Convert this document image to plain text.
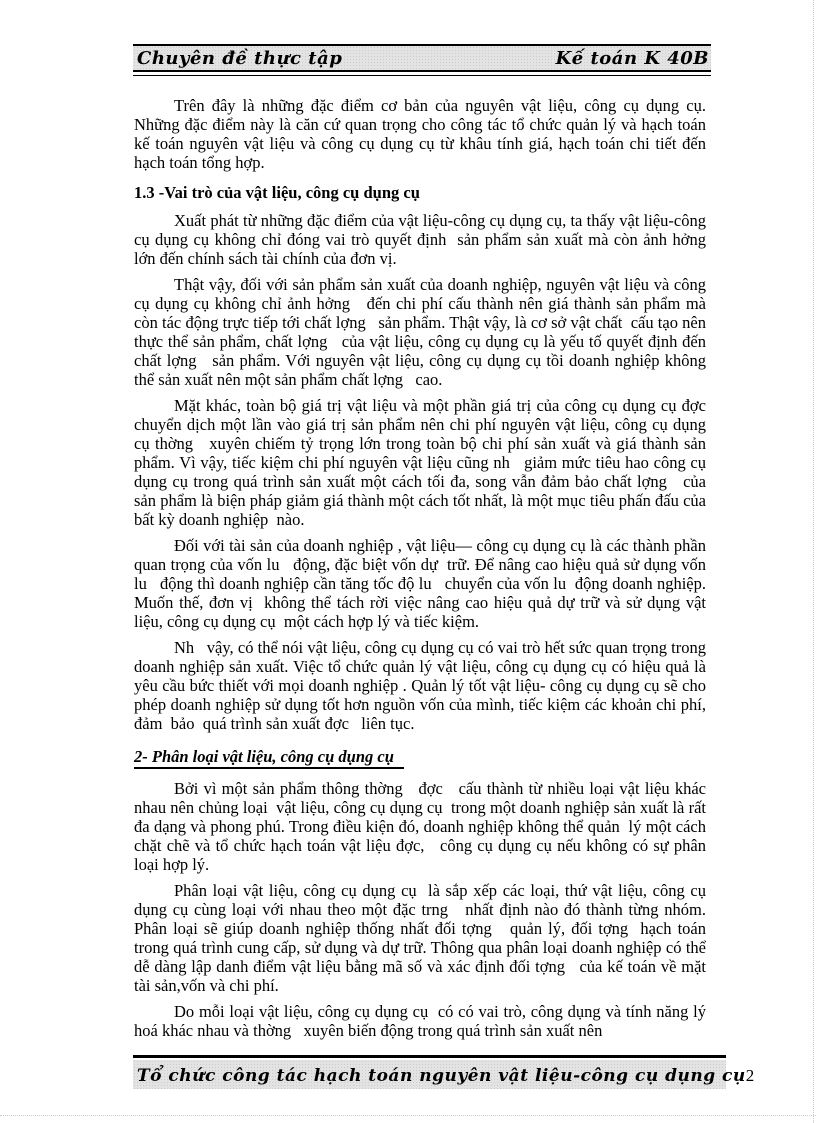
Chuyên đề thực tập	Kế toán K 40B
Trên đây là những đặc điểm cơ bản của nguyên vật liệu, công cụ dụng cụ. Những đặc điểm này là căn cứ quan trọng cho công tác tổ chức quản lý và hạch toán kế toán nguyên vật liệu và công cụ dụng cụ từ khâu tính giá, hạch toán chi tiết đến hạch toán tổng hợp.
1.3 -Vai trò của vật liệu, công cụ dụng cụ
Xuất phát từ những đặc điểm của vật liệu-công cụ dụng cụ, ta thấy vật liệu-công cụ dụng cụ không chỉ đóng vai trò quyết định  sản phẩm sản xuất mà còn ảnh hởng   lớn đến chính sách tài chính của đơn vị.
Thật vậy, đối với sản phẩm sản xuất của doanh nghiệp, nguyên vật liệu và công cụ dụng cụ không chỉ ảnh hởng   đến chi phí cấu thành nên giá thành sản phẩm mà còn tác động trực tiếp tới chất lợng   sản phẩm. Thật vậy, là cơ sở vật chất  cấu tạo nên thực thể sản phẩm, chất lợng   của vật liệu, công cụ dụng cụ là yếu tố quyết định đến chất lợng   sản phẩm. Với nguyên vật liệu, công cụ dụng cụ tồi doanh nghiệp không thể sản xuất nên một sản phẩm chất lợng   cao.
Mặt khác, toàn bộ giá trị vật liệu và một phần giá trị của công cụ dụng cụ đợc   chuyển dịch một lần vào giá trị sản phẩm nên chi phí nguyên vật liệu, công cụ dụng cụ thờng   xuyên chiếm tỷ trọng lớn trong toàn bộ chi phí sản xuất và giá thành sản phẩm. Vì vậy, tiếc kiệm chi phí nguyên vật liệu cũng nh   giảm mức tiêu hao công cụ dụng cụ trong quá trình sản xuất một cách tối đa, song vẫn đảm bảo chất lợng   của sản phẩm là biện pháp giảm giá thành một cách tốt nhất, là một mục tiêu phấn đấu của bất kỳ doanh nghiệp  nào.
Đối với tài sản của doanh nghiệp , vật liệu— công cụ dụng cụ là các thành phần quan trọng của vốn lu   động, đặc biệt vốn dự  trữ. Để nâng cao hiệu quả sử dụng vốn  lu   động thì doanh nghiệp cần tăng tốc độ lu   chuyển của vốn lu  động doanh nghiệp. Muốn thế, đơn vị  không thể tách rời việc nâng cao hiệu quả dự trữ và sử dụng vật liệu, công cụ dụng cụ  một cách hợp lý và tiếc kiệm.
Nh   vậy, có thể nói vật liệu, công cụ dụng cụ có vai trò hết sức quan trọng trong doanh nghiệp sản xuất. Việc tổ chức quản lý vật liệu, công cụ dụng cụ có hiệu quả là yêu cầu bức thiết với mọi doanh nghiệp . Quản lý tốt vật liệu- công cụ dụng cụ sẽ cho phép doanh nghiệp sử dụng tốt hơn nguồn vốn của mình, tiếc kiệm các khoản chi phí, đảm  bảo  quá trình sản xuất đợc   liên tục.
2- Phân loại vật liệu, công cụ dụng cụ
Bởi vì một sản phẩm thông thờng   đợc   cấu thành từ nhiều loại vật liệu khác nhau nên chủng loại  vật liệu, công cụ dụng cụ  trong một doanh nghiệp sản xuất là rất đa dạng và phong phú. Trong điều kiện đó, doanh nghiệp không thể quản  lý một cách chặt chẽ và tổ chức hạch toán vật liệu đợc,   công cụ dụng cụ nếu không có sự phân loại hợp lý.
Phân loại vật liệu, công cụ dụng cụ  là sắp xếp các loại, thứ vật liệu, công cụ dụng cụ cùng loại với nhau theo một đặc trng   nhất định nào đó thành từng nhóm. Phân loại sẽ giúp doanh nghiệp thống nhất đối tợng   quản lý, đối tợng  hạch toán  trong quá trình cung cấp, sử dụng và dự trữ. Thông qua phân loại doanh nghiệp có thể dễ dàng lập danh điểm vật liệu bằng mã số và xác định đối tợng   của kế toán về mặt tài sản,vốn và chi phí.
Do mỗi loại vật liệu, công cụ dụng cụ  có có vai trò, công dụng và tính năng lý hoá khác nhau và thờng   xuyên biến động trong quá trình sản xuất nên
Tổ chức công tác hạch toán nguyên vật liệu-công cụ dụng cụ 2
